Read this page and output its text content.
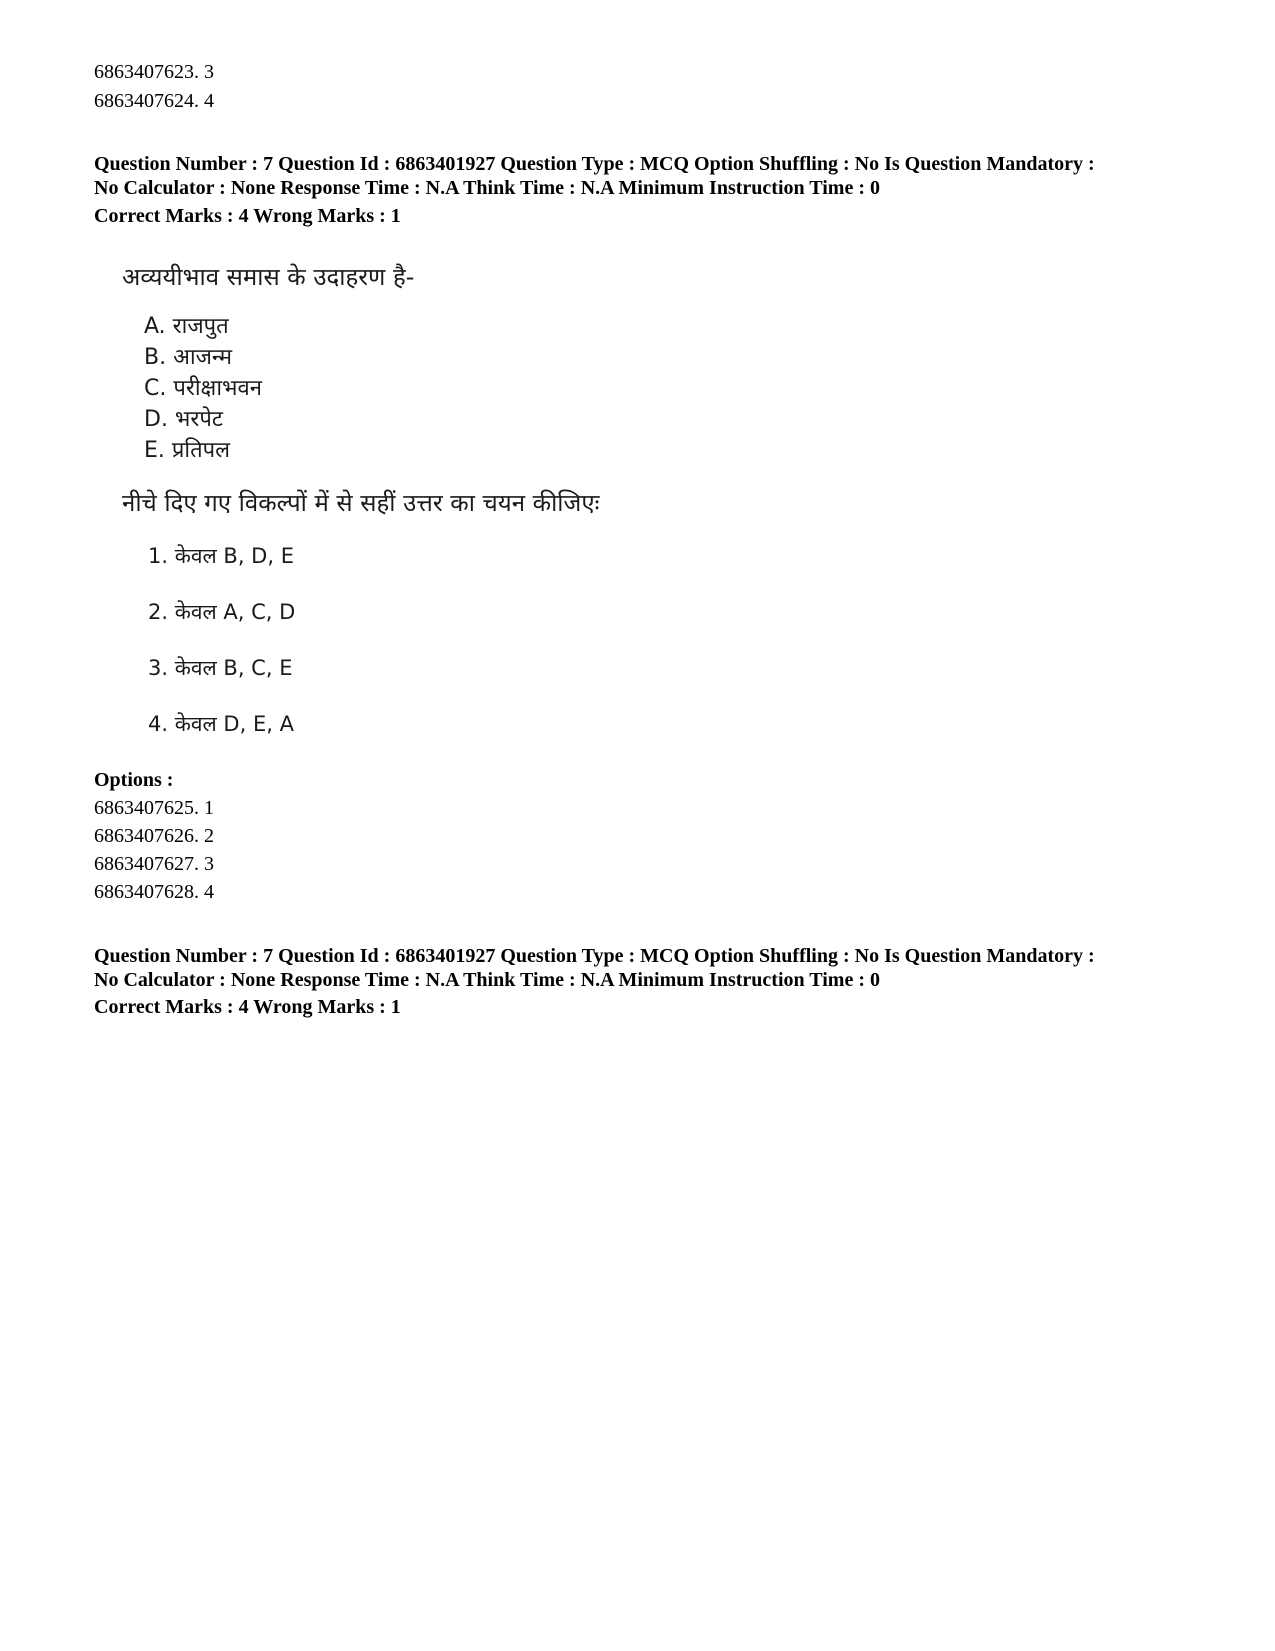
6863407623. 3
6863407624. 4
Question Number : 7 Question Id : 6863401927 Question Type : MCQ Option Shuffling : No Is Question Mandatory :
No Calculator : None Response Time : N.A Think Time : N.A Minimum Instruction Time : 0
Correct Marks : 4 Wrong Marks : 1
अव्ययीभाव समास के उदाहरण है-
A. राजपुत
B. आजन्म
C. परीक्षाभवन
D. भरपेट
E. प्रतिपल
नीचे दिए गए विकल्पों में से सहीं उत्तर का चयन कीजिएः
1. केवल B, D, E
2. केवल A, C, D
3. केवल B, C, E
4. केवल D, E, A
Options :
6863407625. 1
6863407626. 2
6863407627. 3
6863407628. 4
Question Number : 7 Question Id : 6863401927 Question Type : MCQ Option Shuffling : No Is Question Mandatory :
No Calculator : None Response Time : N.A Think Time : N.A Minimum Instruction Time : 0
Correct Marks : 4 Wrong Marks : 1
